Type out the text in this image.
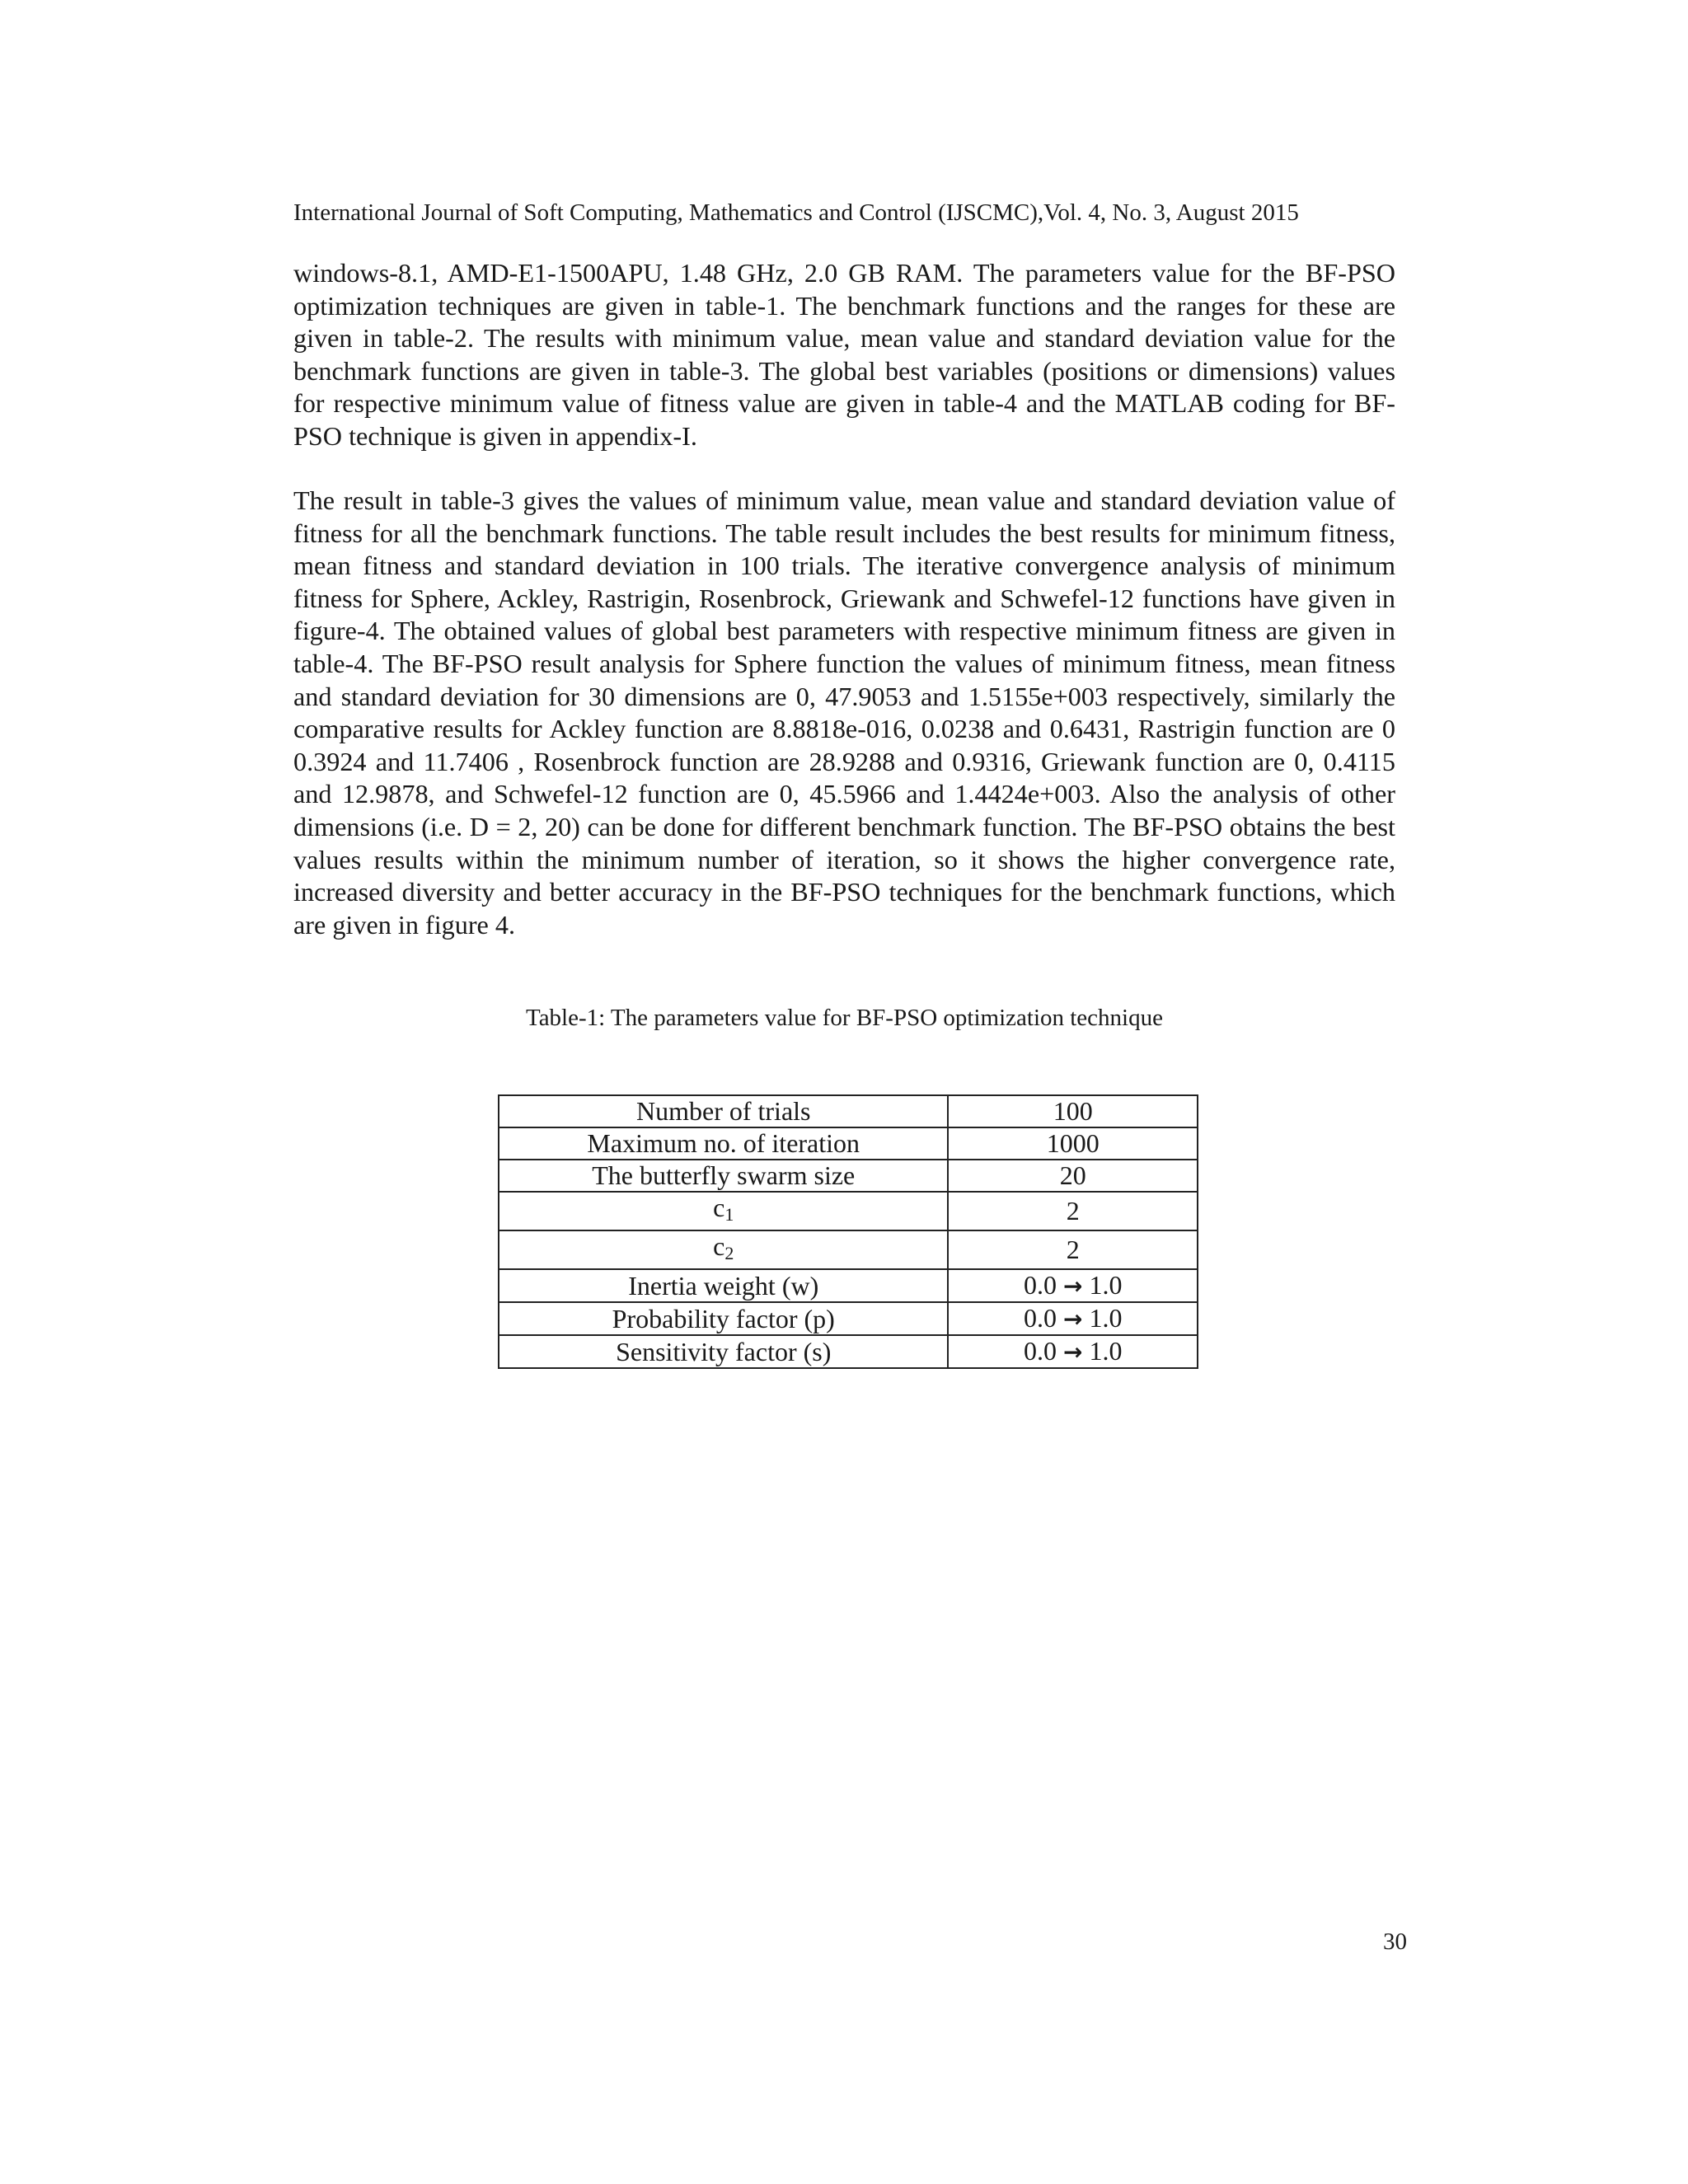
International Journal of Soft Computing, Mathematics and Control (IJSCMC),Vol. 4, No. 3, August 2015

windows-8.1, AMD-E1-1500APU, 1.48 GHz, 2.0 GB RAM. The parameters value for the BF-PSO optimization techniques are given in table-1. The benchmark functions and the ranges for these are given in table-2. The results with minimum value, mean value and standard deviation value for the benchmark functions are given in table-3. The global best variables (positions or dimensions) values for respective minimum value of fitness value are given in table-4 and the MATLAB coding for BF-PSO technique is given in appendix-I.

The result in table-3 gives the values of minimum value, mean value and standard deviation value of fitness for all the benchmark functions. The table result includes the best results for minimum fitness, mean fitness and standard deviation in 100 trials. The iterative convergence analysis of minimum fitness for Sphere, Ackley, Rastrigin, Rosenbrock, Griewank and Schwefel-12 functions have given in figure-4. The obtained values of global best parameters with respective minimum fitness are given in table-4. The BF-PSO result analysis for Sphere function the values of minimum fitness, mean fitness and standard deviation for 30 dimensions are 0, 47.9053 and 1.5155e+003 respectively, similarly the comparative results for Ackley function are 8.8818e-016, 0.0238 and 0.6431, Rastrigin function are 0 0.3924 and 11.7406 , Rosenbrock function are 28.9288 and 0.9316, Griewank function are 0, 0.4115 and 12.9878, and Schwefel-12 function are 0, 45.5966 and 1.4424e+003. Also the analysis of other dimensions (i.e. D = 2, 20) can be done for different benchmark function. The BF-PSO obtains the best values results within the minimum number of iteration, so it shows the higher convergence rate, increased diversity and better accuracy in the BF-PSO techniques for the benchmark functions, which are given in figure 4.

Table-1: The parameters value for BF-PSO optimization technique
Number of trials	100
Maximum no. of iteration	1000
The butterfly swarm size	20
$c_1$	2
$c_2$	2
Inertia weight (w)	0.0 → 1.0
Probability factor (p)	0.0 → 1.0
Sensitivity factor (s)	0.0 → 1.0
30
